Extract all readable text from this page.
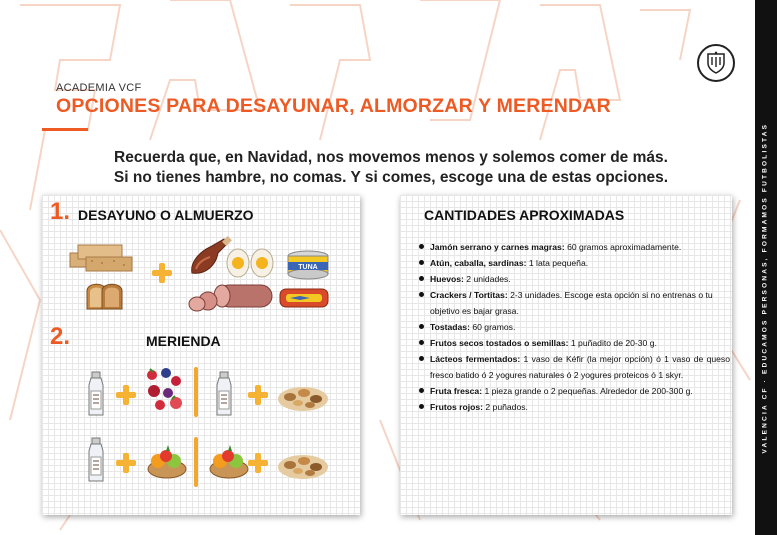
VALENCIA CF · EDUCAMOS PERSONAS, FORMAMOS FUTBOLISTAS
ACADEMIA VCF
OPCIONES PARA DESAYUNAR, ALMORZAR Y MERENDAR
Recuerda que, en Navidad, nos movemos menos y solemos comer de más.
Si no tienes hambre, no comas. Y si comes, escoge una de estas opciones.
1. DESAYUNO O ALMUERZO
TUNA
2.	MERIENDA
CANTIDADES APROXIMADAS
Jamón serrano y carnes magras: 60 gramos aproximadamente.
Atún, caballa, sardinas: 1 lata pequeña.
Huevos: 2 unidades.
Crackers / Tortitas: 2-3 unidades. Escoge esta opción si no entrenas o tu objetivo es bajar grasa.
Tostadas: 60 gramos.
Frutos secos tostados o semillas: 1 puñadito de 20-30 g.
Lácteos fermentados: 1 vaso de Kéfir (la mejor opción) ó 1 vaso de queso fresco batido ó 2 yogures naturales ó 2 yogures proteicos ó 1 skyr.
Fruta fresca: 1 pieza grande o 2 pequeñas. Alrededor de 200-300 g.
Frutos rojos: 2 puñados.
